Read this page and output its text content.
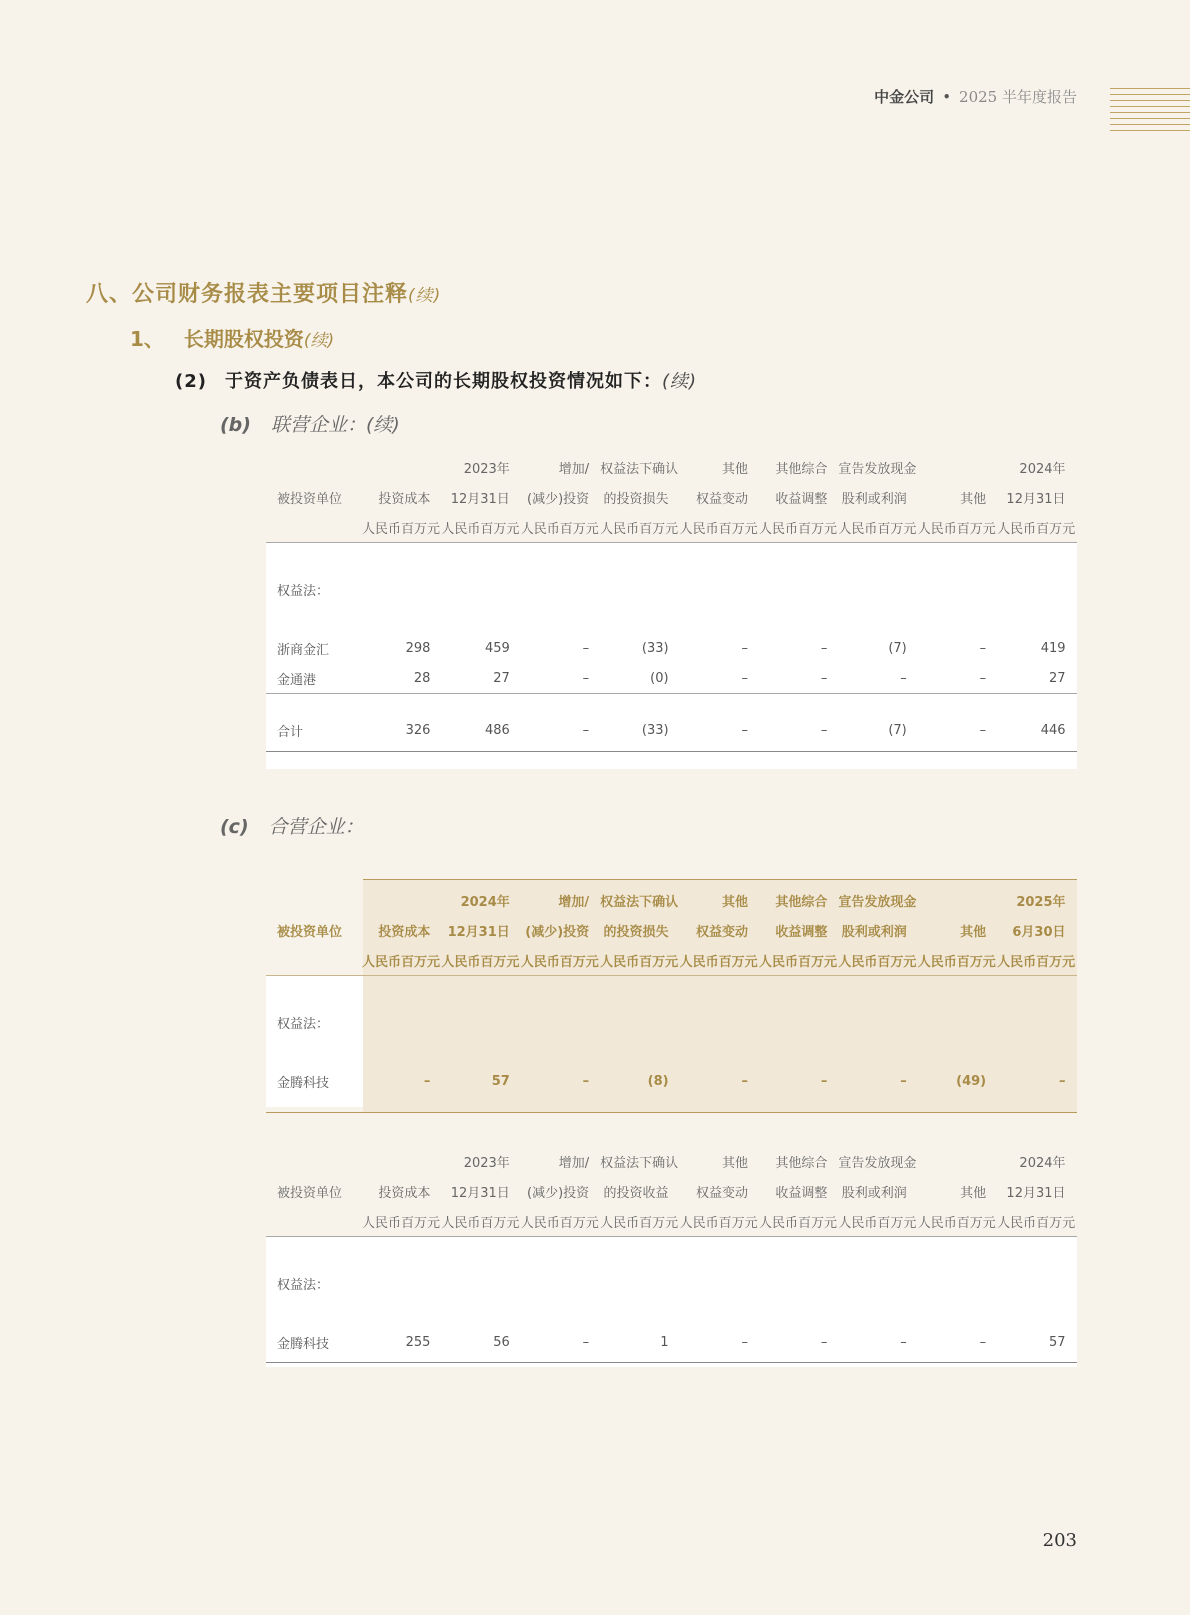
中金公司 • 2025 半年度报告
八、公司财务报表主要项目注释(续)
1、 长期股权投资(续)
(2) 于资产负债表日，本公司的长期股权投资情况如下：(续)
(b) 联营企业：(续)
(c) 合营企业：
2023年	增加/ 权益法下确认	其他	其他综合 宣告发放现金	2024年
被投资单位	投资成本	12月31日	(减少)投资	的投资损失	权益变动	收益调整	股利或利润	其他	12月31日
人民币百万元 人民币百万元 人民币百万元 人民币百万元 人民币百万元 人民币百万元 人民币百万元 人民币百万元 人民币百万元
权益法：
浙商金汇	298	459	–	(33)	–	–	(7)	–	419
金通港	28	27	–	(0)	–	–	–	–	27
合计	326	486	–	(33)	–	–	(7)	–	446
2024年	增加/ 权益法下确认	其他	其他综合 宣告发放现金	2025年
被投资单位	投资成本	12月31日	(减少)投资	的投资损失	权益变动	收益调整	股利或利润	其他	6月30日
人民币百万元 人民币百万元 人民币百万元 人民币百万元 人民币百万元 人民币百万元 人民币百万元 人民币百万元 人民币百万元
权益法：
金腾科技	–	57	–	(8)	–	–	–	(49)	–
2023年	增加/ 权益法下确认	其他	其他综合 宣告发放现金	2024年
被投资单位	投资成本	12月31日	(减少)投资	的投资收益	权益变动	收益调整	股利或利润	其他	12月31日
人民币百万元 人民币百万元 人民币百万元 人民币百万元 人民币百万元 人民币百万元 人民币百万元 人民币百万元 人民币百万元
权益法：
金腾科技	255	56	–	1	–	–	–	–	57
203
